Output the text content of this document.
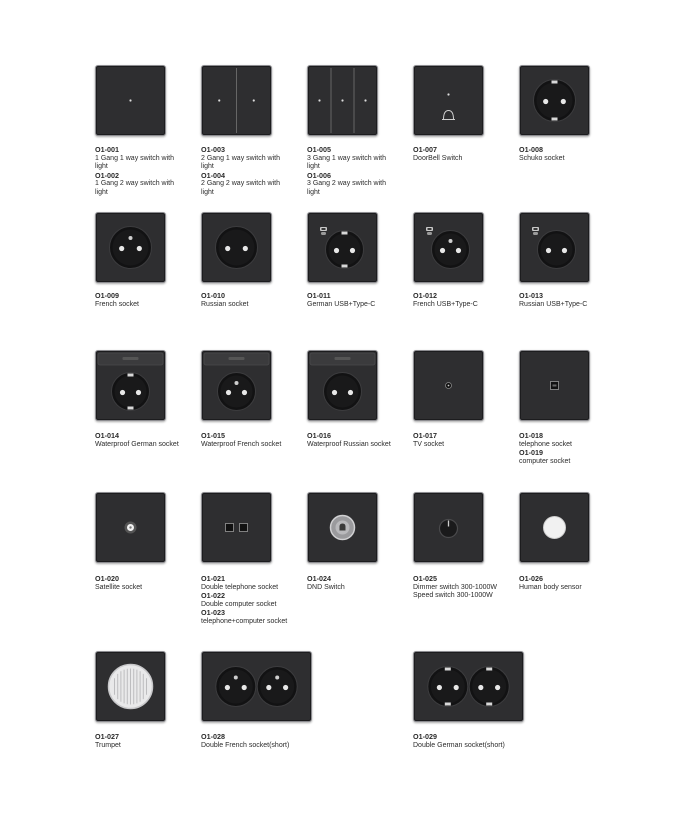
O1-001
1 Gang 1 way switch with light
O1-002
1 Gang 2 way switch with light
O1-003
2 Gang 1 way switch with light
O1-004
2 Gang 2 way switch with light
O1-005
3 Gang 1 way switch with light
O1-006
3 Gang 2 way switch with light
O1-007
DoorBell Switch
O1-008
Schuko socket
O1-009
French socket
O1-010
Russian socket
O1-011
German USB+Type-C
O1-012
French USB+Type-C
O1-013
Russian USB+Type-C
O1-014
Waterproof German socket
O1-015
Waterproof French socket
O1-016
Waterproof Russian socket
O1-017
TV socket
O1-018
telephone socket
O1-019
computer socket
O1-020
Satellite socket
O1-021
Double telephone socket
O1-022
Double computer socket
O1-023
telephone+computer socket
O1-024
DND Switch
O1-025
Dimmer switch 300-1000W
Speed switch 300-1000W
O1-026
Human body sensor
O1-027
Trumpet
O1-028
Double French socket(short)
O1-029
Double German socket(short)
